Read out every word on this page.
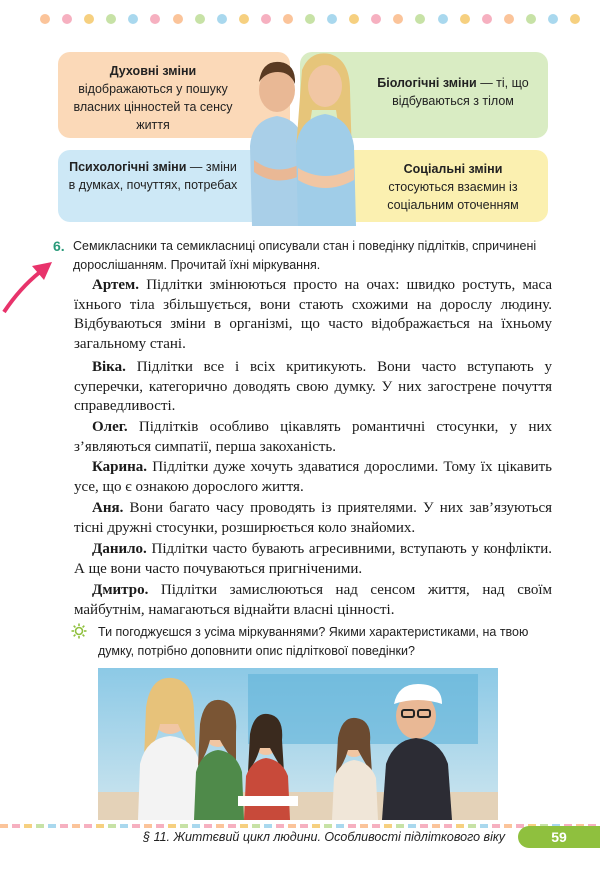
Духовні зміни
відображаються у пошуку власних цінностей та сенсу життя
Біологічні зміни — ті, що відбуваються з тілом
Психологічні зміни — зміни в думках, почуттях, потребах
Соціальні зміни
стосуються взаємин із соціальним оточенням
6. Семикласники та семикласниці описували стан і поведінку підлітків, спричинені дорослішанням. Прочитай їхні міркування.
Артем. Підлітки змінюються просто на очах: швидко ростуть, маса їхнього тіла збільшується, вони стають схожими на дорослу людину. Відбуваються зміни в організмі, що часто відображається на їхньому загальному стані.
Віка. Підлітки все і всіх критикують. Вони часто вступають у суперечки, категорично доводять свою думку. У них загострене почуття справедливості.
Олег. Підлітків особливо цікавлять романтичні стосунки, у них з’являються симпатії, перша закоханість.
Карина. Підлітки дуже хочуть здаватися дорослими. Тому їх цікавить усе, що є ознакою дорослого життя.
Аня. Вони багато часу проводять із приятелями. У них зав’язуються тісні дружні стосунки, розширюється коло знайомих.
Данило. Підлітки часто бувають агресивними, вступають у конфлікти. А ще вони часто почуваються пригніченими.
Дмитро. Підлітки замислюються над сенсом життя, над своїм майбутнім, намагаються віднайти власні цінності.
Ти погоджуєшся з усіма міркуваннями? Якими характеристиками, на твою думку, потрібно доповнити опис підліткової поведінки?
§ 11. Життєвий цикл людини. Особливості підліткового віку	59
